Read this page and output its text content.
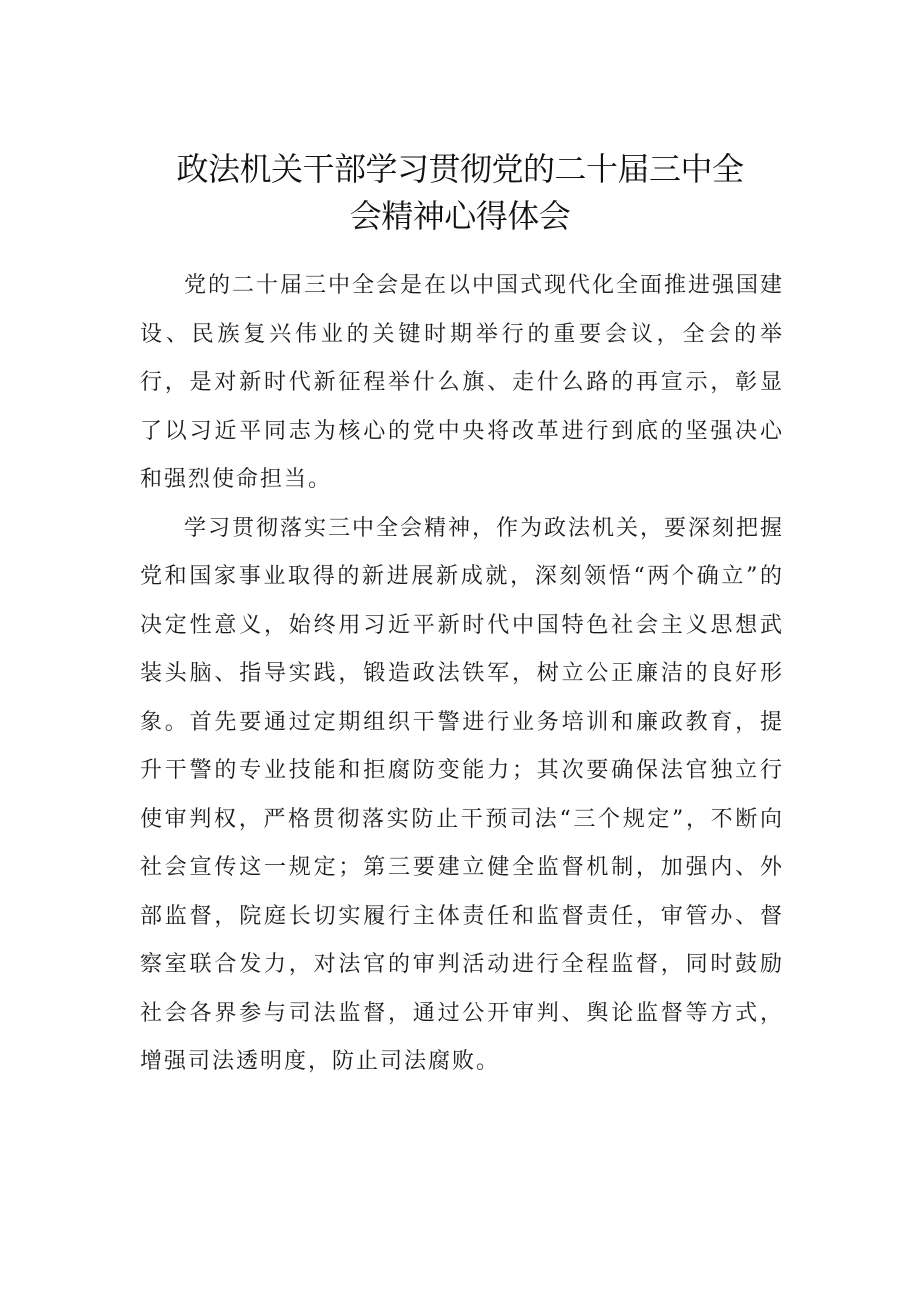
政法机关干部学习贯彻党的二十届三中全
会精神心得体会

党的二十届三中全会是在以中国式现代化全面推进强国建设、民族复兴伟业的关键时期举行的重要会议，全会的举行，是对新时代新征程举什么旗、走什么路的再宣示，彰显了以习近平同志为核心的党中央将改革进行到底的坚强决心和强烈使命担当。

学习贯彻落实三中全会精神，作为政法机关，要深刻把握党和国家事业取得的新进展新成就，深刻领悟“两个确立”的决定性意义，始终用习近平新时代中国特色社会主义思想武装头脑、指导实践，锻造政法铁军，树立公正廉洁的良好形象。首先要通过定期组织干警进行业务培训和廉政教育，提升干警的专业技能和拒腐防变能力；其次要确保法官独立行使审判权，严格贯彻落实防止干预司法“三个规定”，不断向社会宣传这一规定；第三要建立健全监督机制，加强内、外部监督，院庭长切实履行主体责任和监督责任，审管办、督察室联合发力，对法官的审判活动进行全程监督，同时鼓励社会各界参与司法监督，通过公开审判、舆论监督等方式，增强司法透明度，防止司法腐败。
